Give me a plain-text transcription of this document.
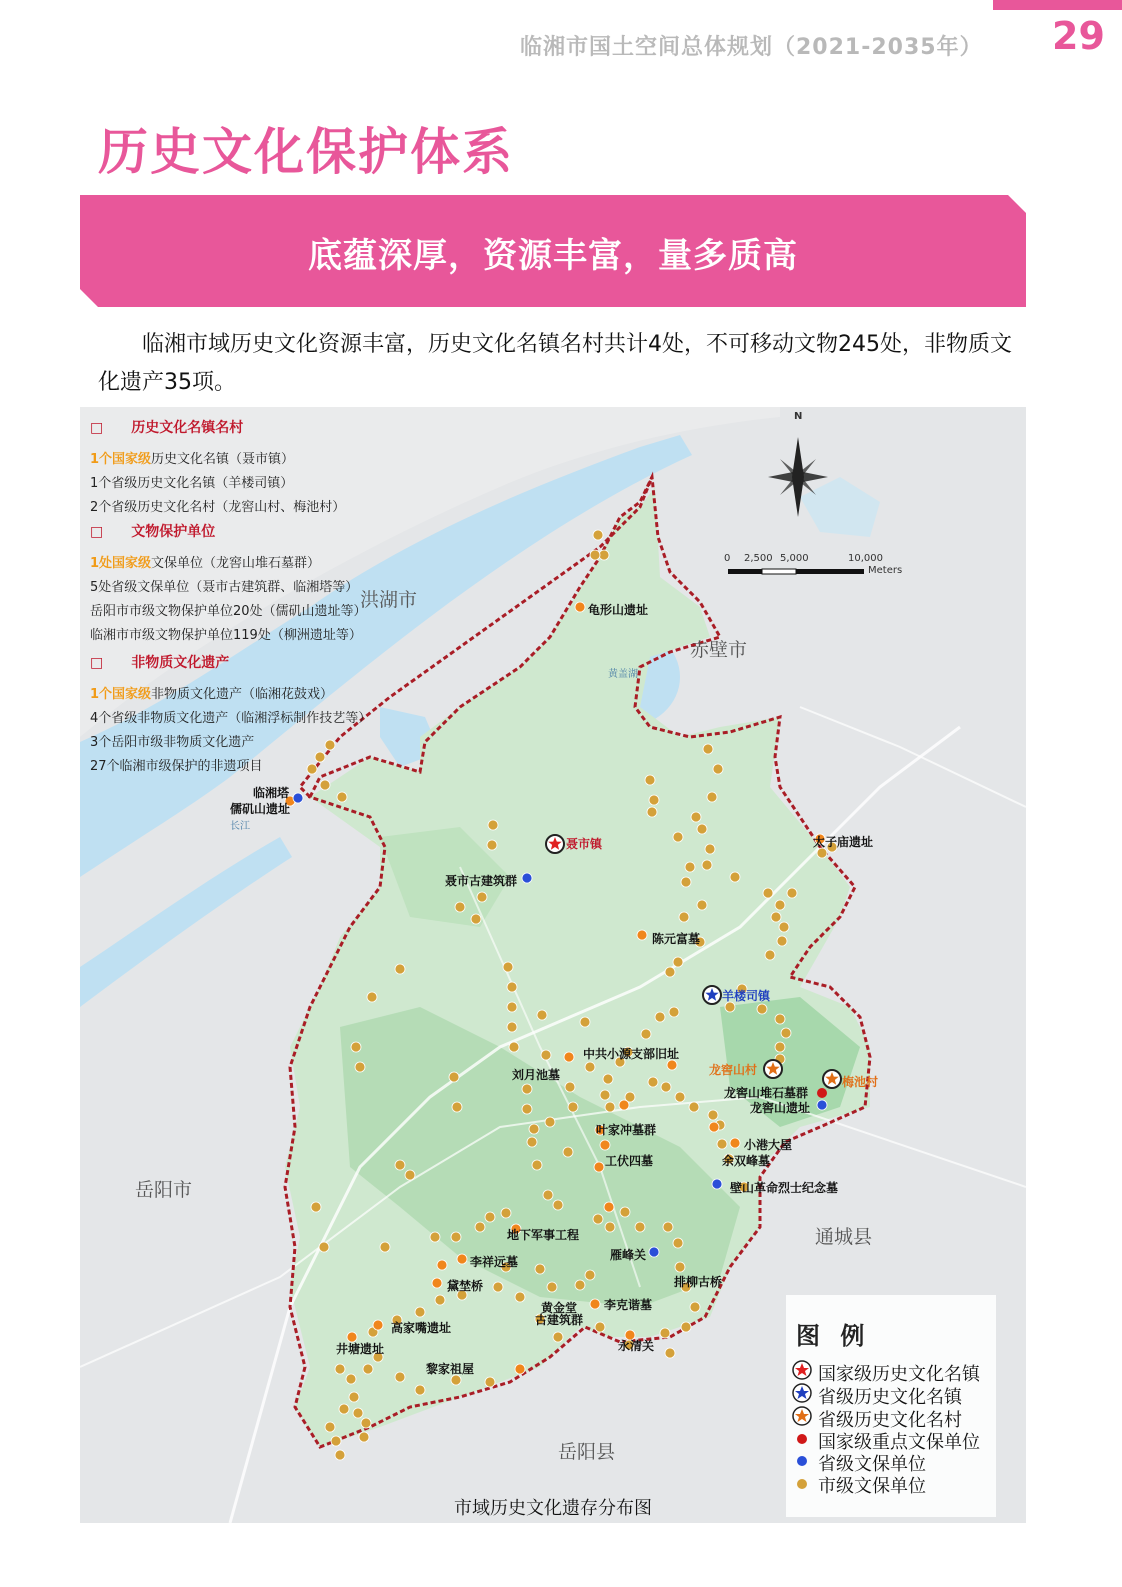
临湘市国土空间总体规划（2021-2035年） 29
历史文化保护体系
底蕴深厚，资源丰富，量多质高
临湘市域历史文化资源丰富，历史文化名镇名村共计4处，不可移动文物245处，非物质文化遗产35项。
0 2,500 5,000	10,000
Meters
N
洪湖市
赤壁市
岳阳市
通城县
岳阳县
长江
黄盖湖
龟形山遗址
临湘塔
儒矶山遗址
聂市镇
聂市古建筑群
太子庙遗址
陈元富墓
羊楼司镇
中共小源支部旧址
刘月池墓	龙窖山村
梅池村
龙窖山堆石墓群
龙窖山遗址
叶家冲墓群
小港大屋
工伏四墓	余双峰墓
壁山革命烈士纪念墓
地下军事工程
李祥远墓	雁峰关
黛埜桥	排柳古桥
黄金堂
古建筑群
李克谐墓
高家嘴遗址
井塘遗址
黎家祖屋
永清关
□　　历史文化名镇名村
1个国家级历史文化名镇（聂市镇）
1个省级历史文化名镇（羊楼司镇）
2个省级历史文化名村（龙窖山村、梅池村）
□　　文物保护单位
1处国家级文保单位（龙窖山堆石墓群）
5处省级文保单位（聂市古建筑群、临湘塔等）
岳阳市市级文物保护单位20处（儒矶山遗址等）
临湘市市级文物保护单位119处（柳洲遗址等）
□　　非物质文化遗产
1个国家级非物质文化遗产（临湘花鼓戏）
4个省级非物质文化遗产（临湘浮标制作技艺等）
3个岳阳市级非物质文化遗产
27个临湘市级保护的非遗项目
图 例
国家级历史文化名镇
省级历史文化名镇
省级历史文化名村
国家级重点文保单位
省级文保单位
市级文保单位
市域历史文化遗存分布图
